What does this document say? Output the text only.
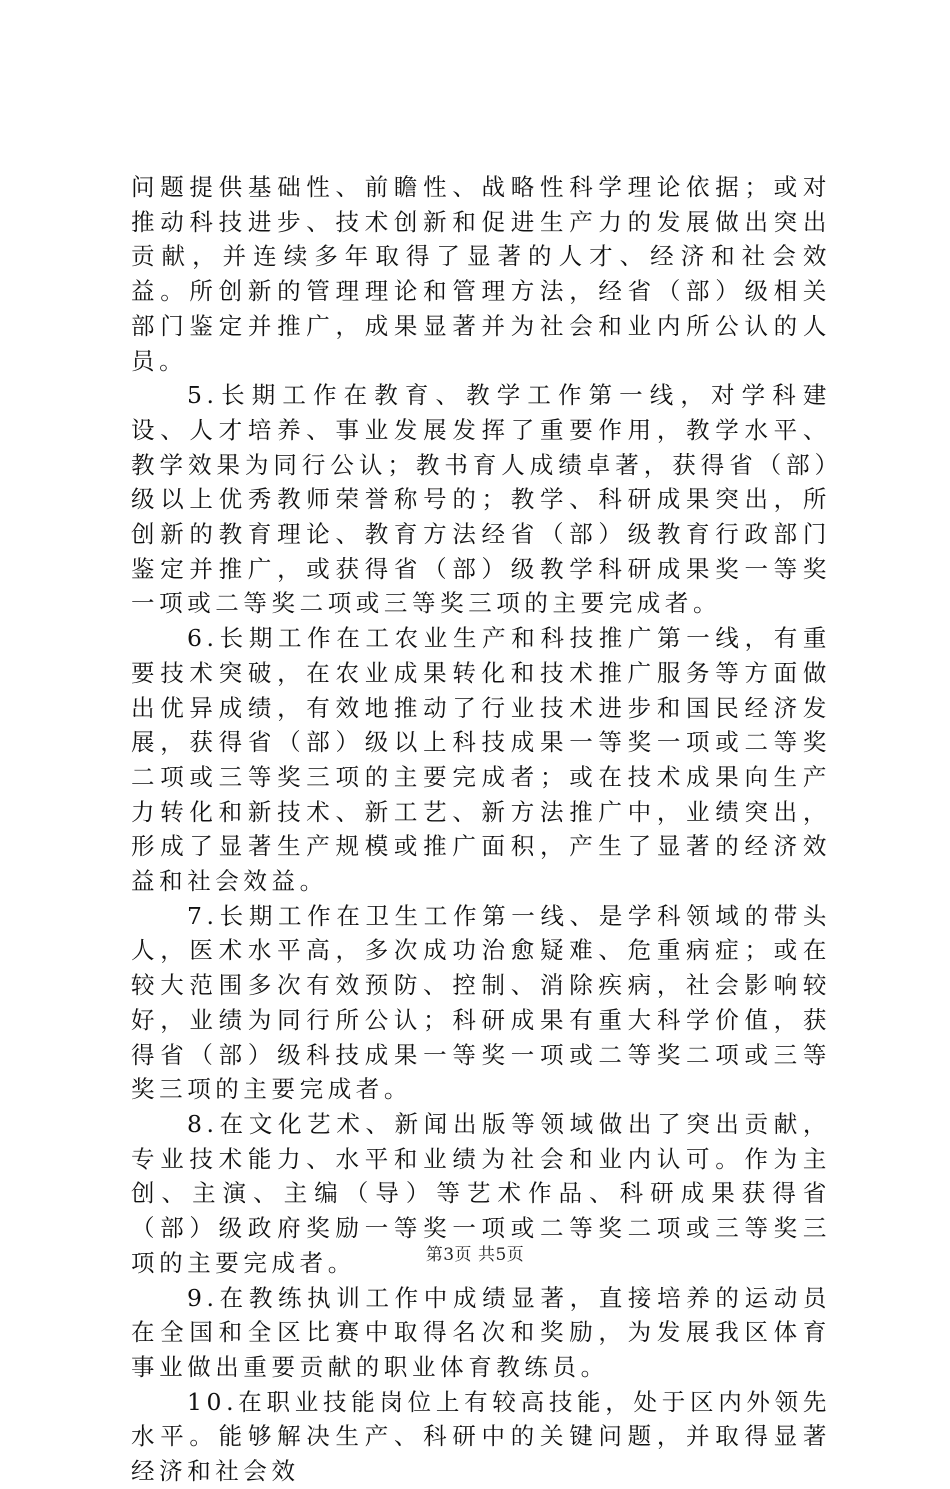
问题提供基础性、前瞻性、战略性科学理论依据；或对推动科技进步、技术创新和促进生产力的发展做出突出贡献，并连续多年取得了显著的人才、经济和社会效益。所创新的管理理论和管理方法，经省（部）级相关部门鉴定并推广，成果显著并为社会和业内所公认的人员。

5.长期工作在教育、教学工作第一线，对学科建设、人才培养、事业发展发挥了重要作用，教学水平、教学效果为同行公认；教书育人成绩卓著，获得省（部）级以上优秀教师荣誉称号的；教学、科研成果突出，所创新的教育理论、教育方法经省（部）级教育行政部门鉴定并推广，或获得省（部）级教学科研成果奖一等奖一项或二等奖二项或三等奖三项的主要完成者。

6.长期工作在工农业生产和科技推广第一线，有重要技术突破，在农业成果转化和技术推广服务等方面做出优异成绩，有效地推动了行业技术进步和国民经济发展，获得省（部）级以上科技成果一等奖一项或二等奖二项或三等奖三项的主要完成者；或在技术成果向生产力转化和新技术、新工艺、新方法推广中，业绩突出，形成了显著生产规模或推广面积，产生了显著的经济效益和社会效益。

7.长期工作在卫生工作第一线、是学科领域的带头人，医术水平高，多次成功治愈疑难、危重病症；或在较大范围多次有效预防、控制、消除疾病，社会影响较好，业绩为同行所公认；科研成果有重大科学价值，获得省（部）级科技成果一等奖一项或二等奖二项或三等奖三项的主要完成者。

8.在文化艺术、新闻出版等领域做出了突出贡献，专业技术能力、水平和业绩为社会和业内认可。作为主创、主演、主编（导）等艺术作品、科研成果获得省（部）级政府奖励一等奖一项或二等奖二项或三等奖三项的主要完成者。

9.在教练执训工作中成绩显著，直接培养的运动员在全国和全区比赛中取得名次和奖励，为发展我区体育事业做出重要贡献的职业体育教练员。

10.在职业技能岗位上有较高技能，处于区内外领先水平。能够解决生产、科研中的关键问题，并取得显著经济和社会效

第3页 共5页
